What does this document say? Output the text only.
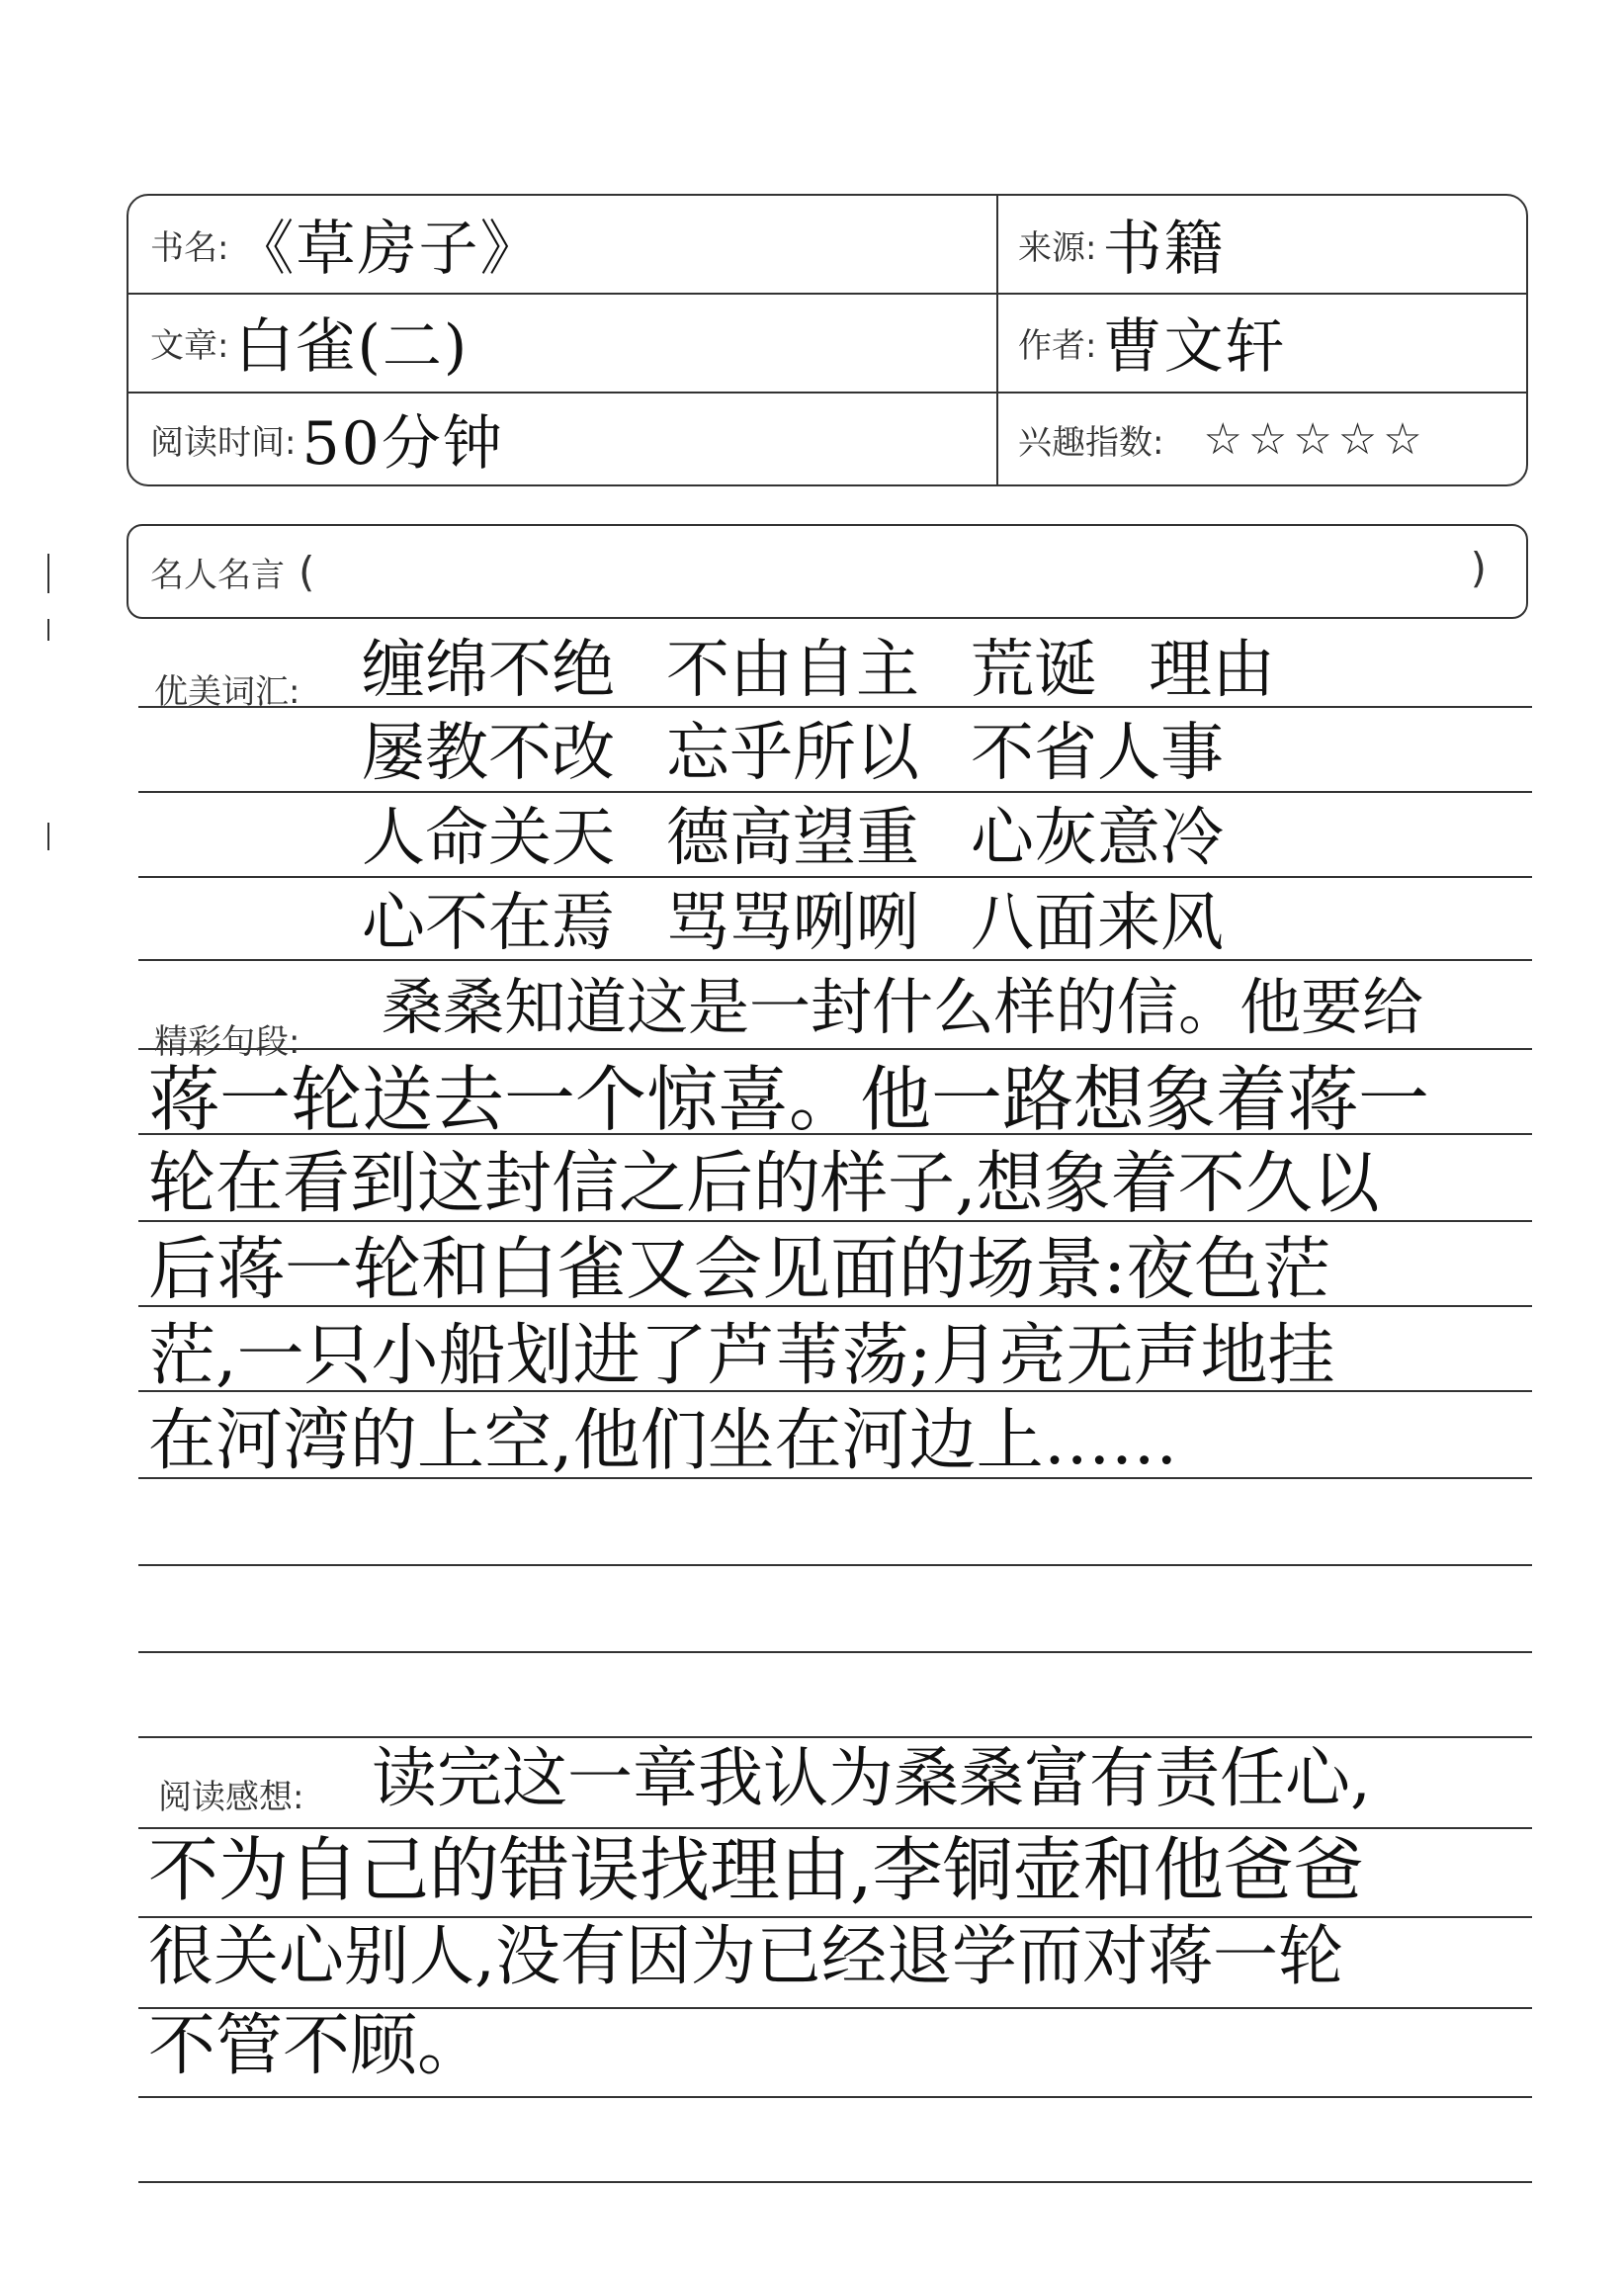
书名: 《草房子》	来源: 书籍
文章: 白雀(二)	作者: 曹文轩
阅读时间: 50分钟	兴趣指数: ☆☆☆☆☆
名人名言 (	)
优美词汇: 缠绵不绝 不由自主 荒诞 理由
屡教不改 忘乎所以 不省人事
人命关天 德高望重 心灰意冷
心不在焉 骂骂咧咧 八面来风
精彩句段: 桑桑知道这是一封什么样的信。他要给
蒋一轮送去一个惊喜。他一路想象着蒋一
轮在看到这封信之后的样子,想象着不久以
后蒋一轮和白雀又会见面的场景:夜色茫
茫,一只小船划进了芦苇荡;月亮无声地挂
在河湾的上空,他们坐在河边上……
阅读感想: 读完这一章我认为桑桑富有责任心,
不为自己的错误找理由,李铜壶和他爸爸
很关心别人,没有因为已经退学而对蒋一轮
不管不顾。
